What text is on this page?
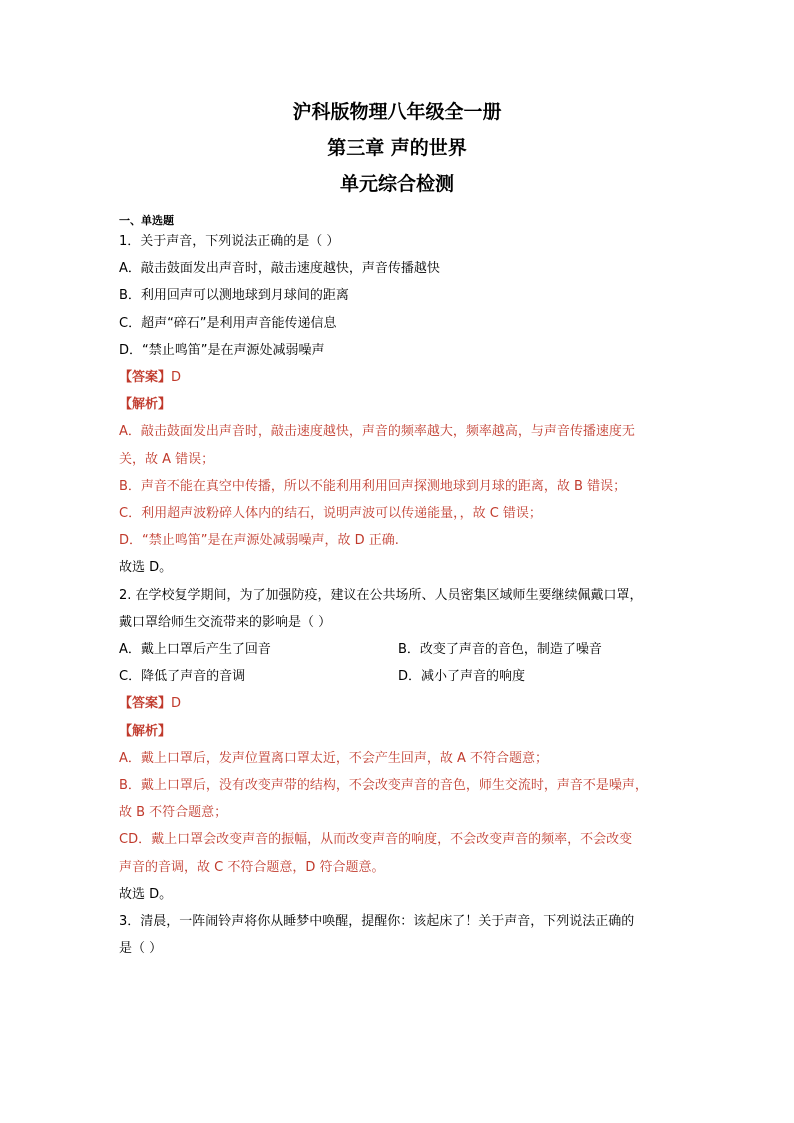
沪科版物理八年级全一册
第三章 声的世界
单元综合检测
一、单选题
1．关于声音，下列说法正确的是（ ）
A．敲击鼓面发出声音时，敲击速度越快，声音传播越快
B．利用回声可以测地球到月球间的距离
C．超声“碎石”是利用声音能传递信息
D．“禁止鸣笛”是在声源处减弱噪声
【答案】D
【解析】
A．敲击鼓面发出声音时，敲击速度越快，声音的频率越大，频率越高，与声音传播速度无
关，故 A 错误；
B．声音不能在真空中传播，所以不能利用利用回声探测地球到月球的距离，故 B 错误；
C．利用超声波粉碎人体内的结石，说明声波可以传递能量，，故 C 错误；
D．“禁止鸣笛”是在声源处减弱噪声，故 D 正确.
故选 D。
2. 在学校复学期间，为了加强防疫，建议在公共场所、人员密集区域师生要继续佩戴口罩，
戴口罩给师生交流带来的影响是（ ）
A．戴上口罩后产生了回音	B．改变了声音的音色，制造了噪音
C．降低了声音的音调	D．减小了声音的响度
【答案】D
【解析】
A．戴上口罩后，发声位置离口罩太近，不会产生回声，故 A 不符合题意；
B．戴上口罩后，没有改变声带的结构，不会改变声音的音色，师生交流时，声音不是噪声，
故 B 不符合题意；
CD．戴上口罩会改变声音的振幅，从而改变声音的响度，不会改变声音的频率，不会改变
声音的音调，故 C 不符合题意，D 符合题意。
故选 D。
3．清晨，一阵闹铃声将你从睡梦中唤醒，提醒你：该起床了！关于声音，下列说法正确的
是（ ）
